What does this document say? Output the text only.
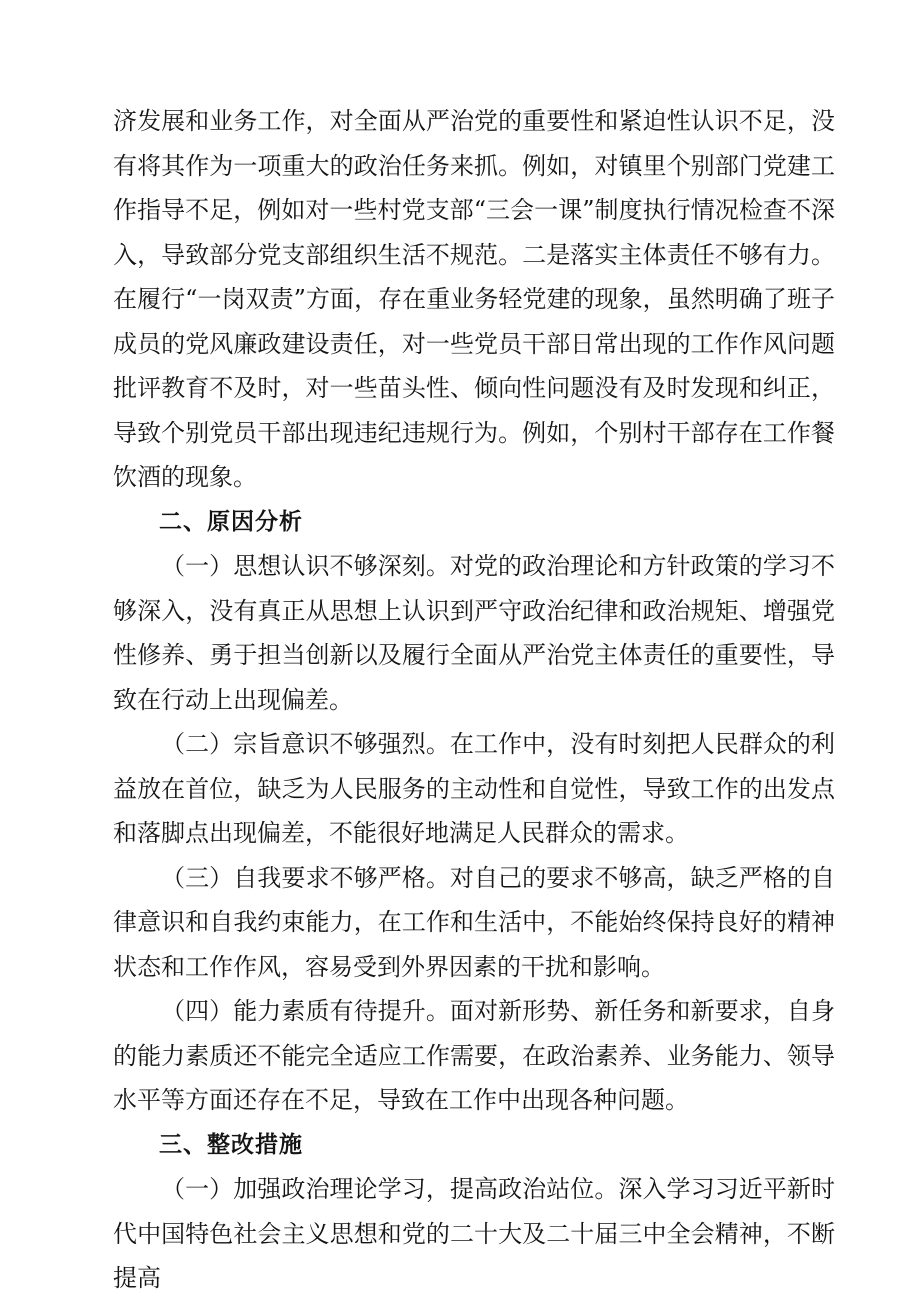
济发展和业务工作，对全面从严治党的重要性和紧迫性认识不足，没有将其作为一项重大的政治任务来抓。例如，对镇里个别部门党建工作指导不足，例如对一些村党支部“三会一课”制度执行情况检查不深入，导致部分党支部组织生活不规范。二是落实主体责任不够有力。在履行“一岗双责”方面，存在重业务轻党建的现象，虽然明确了班子成员的党风廉政建设责任，对一些党员干部日常出现的工作作风问题批评教育不及时，对一些苗头性、倾向性问题没有及时发现和纠正，导致个别党员干部出现违纪违规行为。例如，个别村干部存在工作餐饮酒的现象。

二、原因分析

（一）思想认识不够深刻。对党的政治理论和方针政策的学习不够深入，没有真正从思想上认识到严守政治纪律和政治规矩、增强党性修养、勇于担当创新以及履行全面从严治党主体责任的重要性，导致在行动上出现偏差。

（二）宗旨意识不够强烈。在工作中，没有时刻把人民群众的利益放在首位，缺乏为人民服务的主动性和自觉性，导致工作的出发点和落脚点出现偏差，不能很好地满足人民群众的需求。

（三）自我要求不够严格。对自己的要求不够高，缺乏严格的自律意识和自我约束能力，在工作和生活中，不能始终保持良好的精神状态和工作作风，容易受到外界因素的干扰和影响。

（四）能力素质有待提升。面对新形势、新任务和新要求，自身的能力素质还不能完全适应工作需要，在政治素养、业务能力、领导水平等方面还存在不足，导致在工作中出现各种问题。

三、整改措施

（一）加强政治理论学习，提高政治站位。深入学习习近平新时代中国特色社会主义思想和党的二十大及二十届三中全会精神，不断提高
